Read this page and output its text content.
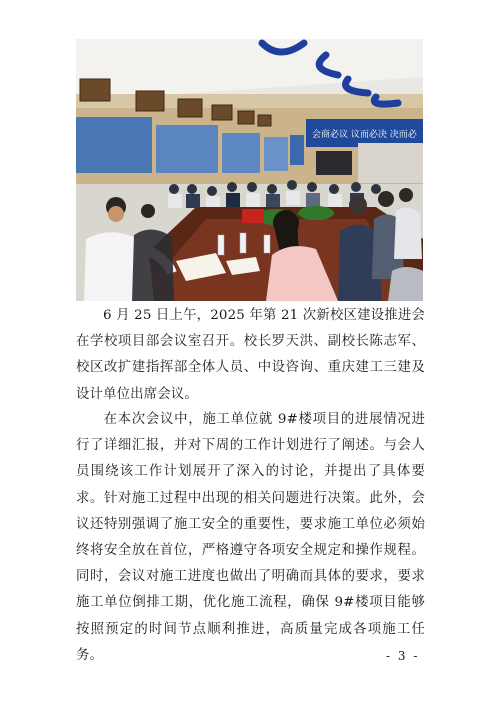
会商必议 议而必决 决而必

6 月 25 日上午，2025 年第 21 次新校区建设推进会在学校项目部会议室召开。校长罗天洪、副校长陈志军、校区改扩建指挥部全体人员、中设咨询、重庆建工三建及设计单位出席会议。

在本次会议中，施工单位就 9#楼项目的进展情况进行了详细汇报，并对下周的工作计划进行了阐述。与会人员围绕该工作计划展开了深入的讨论，并提出了具体要求。针对施工过程中出现的相关问题进行决策。此外，会议还特别强调了施工安全的重要性，要求施工单位必须始终将安全放在首位，严格遵守各项安全规定和操作规程。同时，会议对施工进度也做出了明确而具体的要求，要求施工单位倒排工期，优化施工流程，确保 9#楼项目能够按照预定的时间节点顺利推进，高质量完成各项施工任务。	- 3 -
